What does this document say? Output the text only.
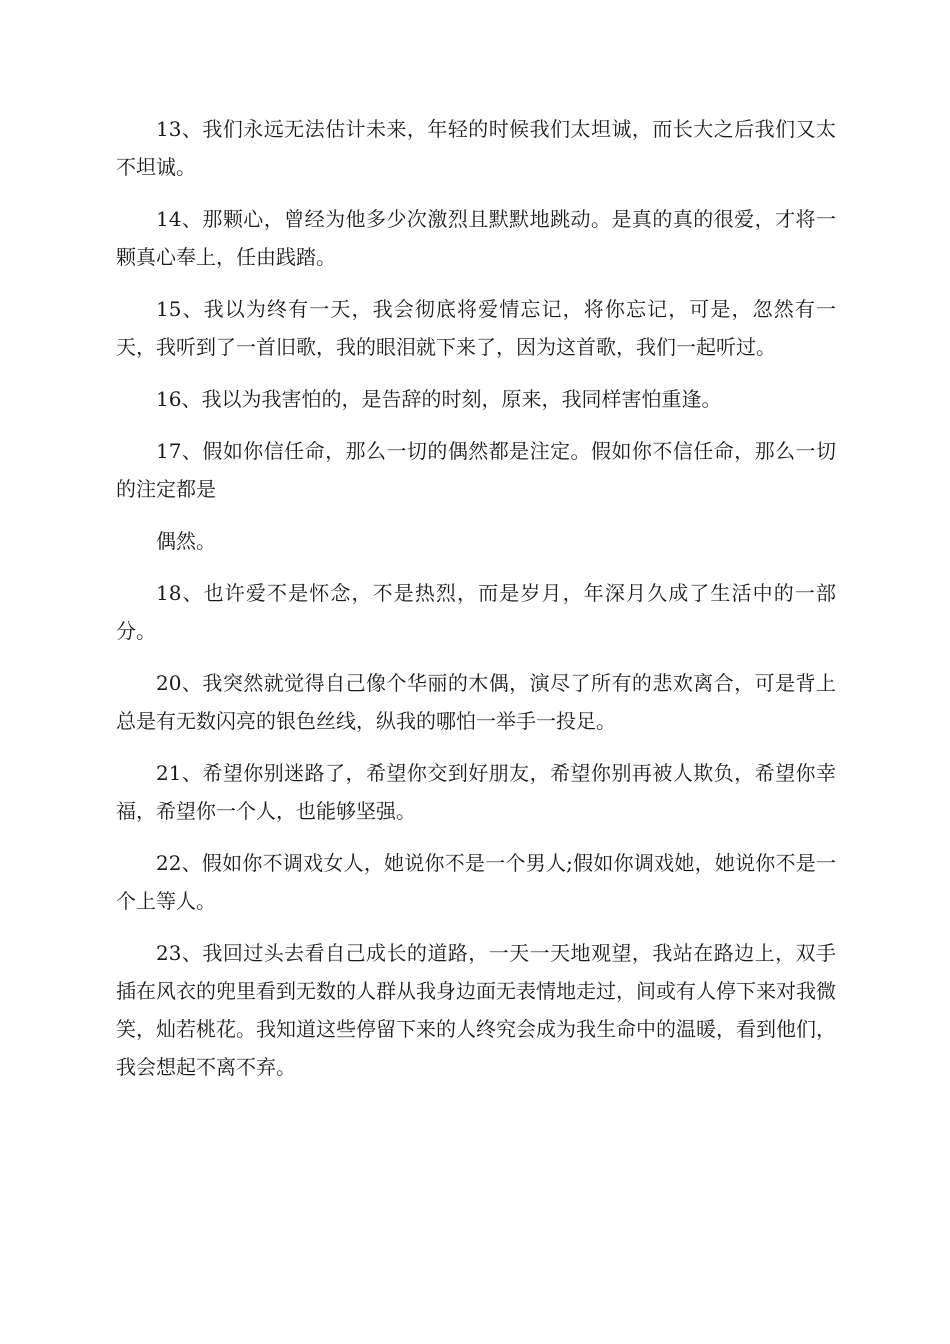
13、我们永远无法估计未来，年轻的时候我们太坦诚，而长大之后我们又太不坦诚。

14、那颗心，曾经为他多少次激烈且默默地跳动。是真的真的很爱，才将一颗真心奉上，任由践踏。

15、我以为终有一天，我会彻底将爱情忘记，将你忘记，可是，忽然有一天，我听到了一首旧歌，我的眼泪就下来了，因为这首歌，我们一起听过。

16、我以为我害怕的，是告辞的时刻，原来，我同样害怕重逢。

17、假如你信任命，那么一切的偶然都是注定。假如你不信任命，那么一切的注定都是

偶然。

18、也许爱不是怀念，不是热烈，而是岁月，年深月久成了生活中的一部分。

20、我突然就觉得自己像个华丽的木偶，演尽了所有的悲欢离合，可是背上总是有无数闪亮的银色丝线，纵我的哪怕一举手一投足。

21、希望你别迷路了，希望你交到好朋友，希望你别再被人欺负，希望你幸福，希望你一个人，也能够坚强。

22、假如你不调戏女人，她说你不是一个男人;假如你调戏她，她说你不是一个上等人。

23、我回过头去看自己成长的道路，一天一天地观望，我站在路边上，双手插在风衣的兜里看到无数的人群从我身边面无表情地走过，间或有人停下来对我微笑，灿若桃花。我知道这些停留下来的人终究会成为我生命中的温暖，看到他们，我会想起不离不弃。
